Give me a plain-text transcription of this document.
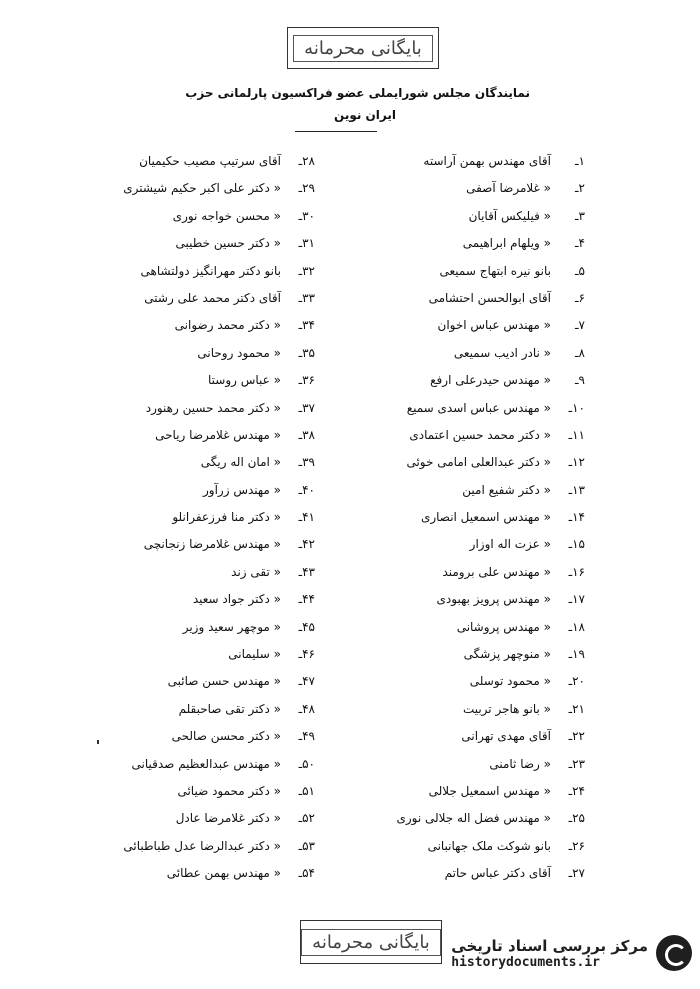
بایگانی محرمانه
نمایندگان مجلس شورایملی عضو فراکسیون پارلمانی حزب
ایران نوین
۱ـآقای مهندس بهمن آراسته
۲ـ« غلامرضا آصفی
۳ـ« فیلیکس آقایان
۴ـ« ویلهام ابراهیمی
۵ـبانو نیره ابتهاج سمیعی
۶ـآقای ابوالحسن احتشامی
۷ـ« مهندس عباس اخوان
۸ـ« نادر ادیب سمیعی
۹ـ« مهندس حیدرعلی ارفع
۱۰ـ« مهندس عباس اسدی سمیع
۱۱ـ« دکتر محمد حسین اعتمادی
۱۲ـ« دکتر عبدالعلی امامی خوئی
۱۳ـ« دکتر شفیع امین
۱۴ـ« مهندس اسمعیل انصاری
۱۵ـ« عزت اله اوزار
۱۶ـ« مهندس علی برومند
۱۷ـ« مهندس پرویز بهبودی
۱۸ـ« مهندس پروشانی
۱۹ـ« منوچهر پزشگی
۲۰ـ« محمود توسلی
۲۱ـ« بانو هاجر تربیت
۲۲ـآقای مهدی تهرانی
۲۳ـ« رضا ثامنی
۲۴ـ« مهندس اسمعیل جلالی
۲۵ـ« مهندس فضل اله جلالی نوری
۲۶ـبانو شوکت ملک جهانبانی
۲۷ـآقای دکتر عباس حاتم
۲۸ـآقای سرتیپ مصیب حکیمیان
۲۹ـ« دکتر علی اکبر حکیم شیشتری
۳۰ـ« محسن خواجه نوری
۳۱ـ« دکتر حسین خطیبی
۳۲ـبانو دکتر مهرانگیز دولتشاهی
۳۳ـآقای دکتر محمد علی رشتی
۳۴ـ« دکتر محمد رضوانی
۳۵ـ« محمود روحانی
۳۶ـ« عباس روستا
۳۷ـ« دکتر محمد حسین رهنورد
۳۸ـ« مهندس غلامرضا ریاحی
۳۹ـ« امان اله ریگی
۴۰ـ« مهندس زرآور
۴۱ـ« دکتر منا فرزعفرانلو
۴۲ـ« مهندس غلامرضا زنجانچی
۴۳ـ« تقی زند
۴۴ـ« دکتر جواد سعید
۴۵ـ« موچهر سعید وزیر
۴۶ـ« سلیمانی
۴۷ـ« مهندس حسن صائبی
۴۸ـ« دکتر تقی صاحبقلم
۴۹ـ« دکتر محسن صالحی
۵۰ـ« مهندس عبدالعظیم صدقیانی
۵۱ـ« دکتر محمود ضیائی
۵۲ـ« دکتر غلامرضا عادل
۵۳ـ« دکتر عبدالرضا عدل طباطبائی
۵۴ـ« مهندس بهمن عطائی
بایگانی محرمانه	مرکز بررسی اسناد تاریخی
historydocuments.ir
